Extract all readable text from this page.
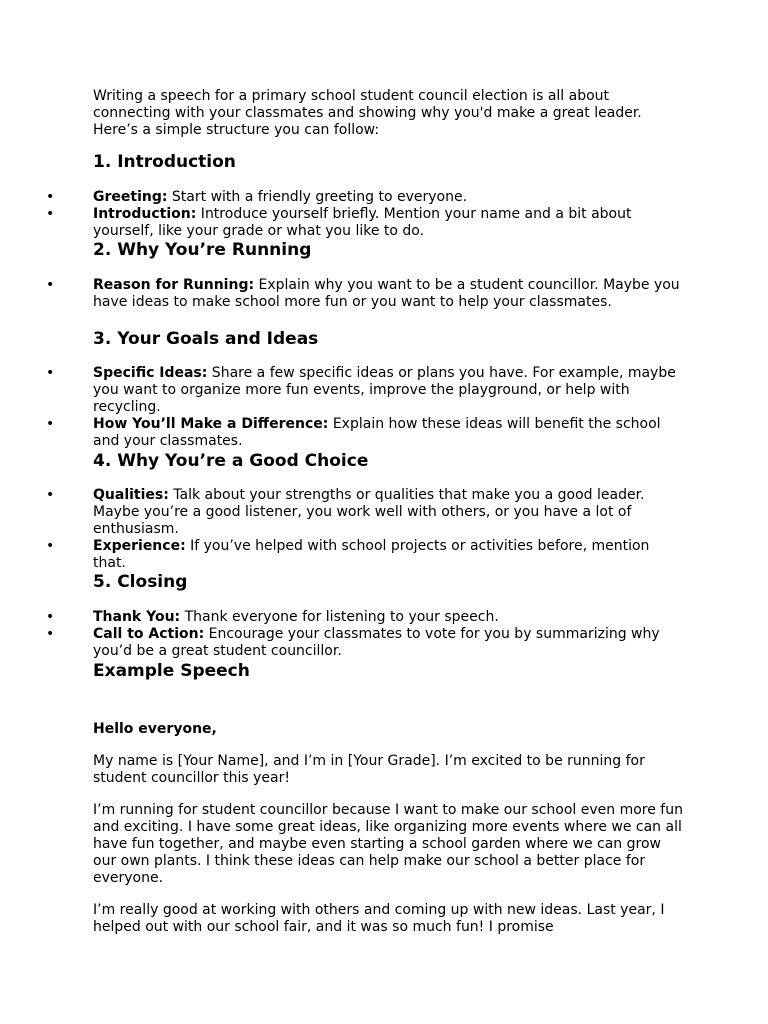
Writing a speech for a primary school student council election is all about connecting with your classmates and showing why you'd make a great leader. Here’s a simple structure you can follow:

1. Introduction
•	Greeting: Start with a friendly greeting to everyone.
•	Introduction: Introduce yourself briefly. Mention your name and a bit about yourself, like your grade or what you like to do.
2. Why You’re Running
•	Reason for Running: Explain why you want to be a student councillor. Maybe you have ideas to make school more fun or you want to help your classmates.
3. Your Goals and Ideas
•	Specific Ideas: Share a few specific ideas or plans you have. For example, maybe you want to organize more fun events, improve the playground, or help with recycling.
•	How You’ll Make a Difference: Explain how these ideas will benefit the school and your classmates.
4. Why You’re a Good Choice
•	Qualities: Talk about your strengths or qualities that make you a good leader. Maybe you’re a good listener, you work well with others, or you have a lot of enthusiasm.
•	Experience: If you’ve helped with school projects or activities before, mention that.
5. Closing
•	Thank You: Thank everyone for listening to your speech.
•	Call to Action: Encourage your classmates to vote for you by summarizing why you’d be a great student councillor.
Example Speech

Hello everyone,

My name is [Your Name], and I’m in [Your Grade]. I’m excited to be running for student councillor this year!

I’m running for student councillor because I want to make our school even more fun and exciting. I have some great ideas, like organizing more events where we can all have fun together, and maybe even starting a school garden where we can grow our own plants. I think these ideas can help make our school a better place for everyone.

I’m really good at working with others and coming up with new ideas. Last year, I helped out with our school fair, and it was so much fun! I promise
